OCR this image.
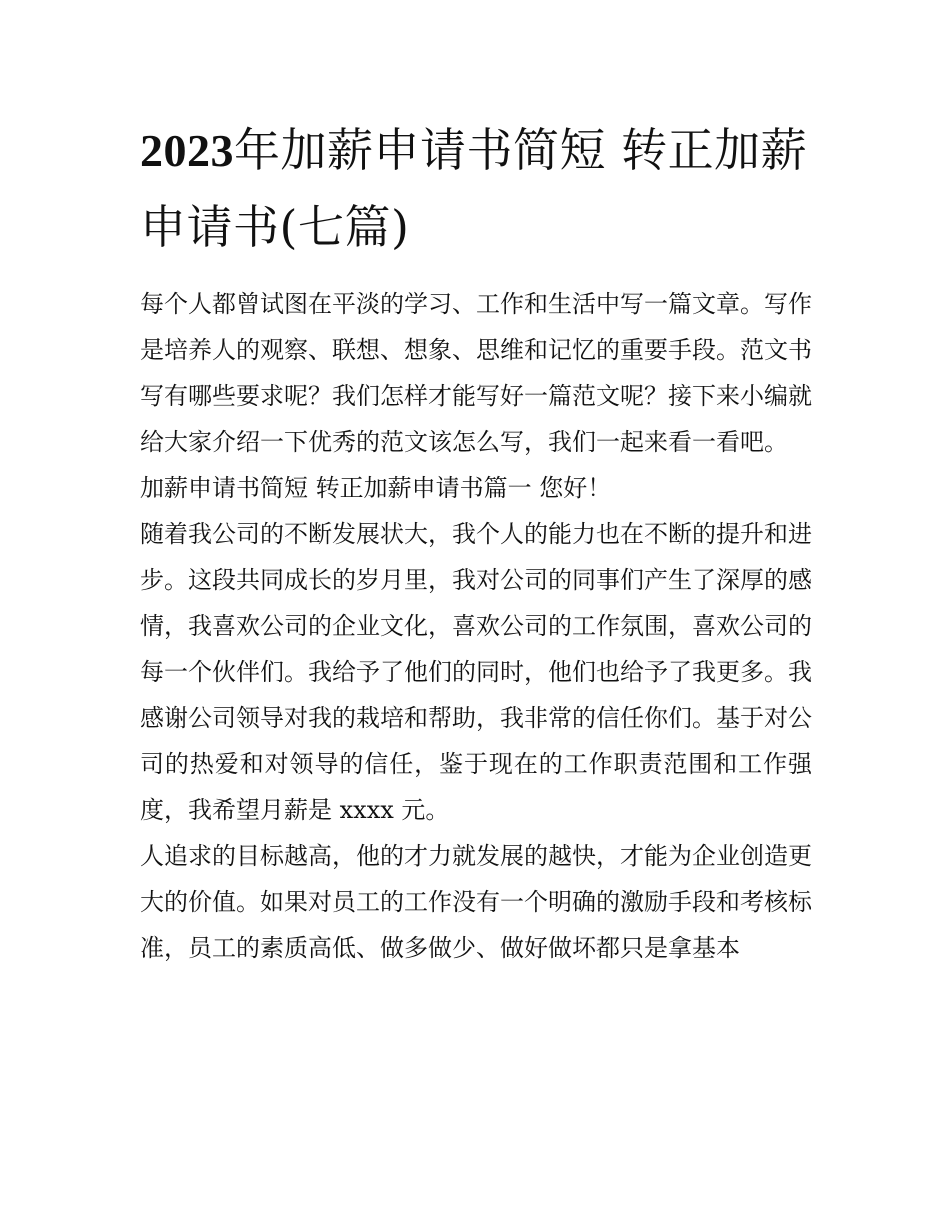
2023年加薪申请书简短 转正加薪申请书(七篇)

每个人都曾试图在平淡的学习、工作和生活中写一篇文章。写作是培养人的观察、联想、想象、思维和记忆的重要手段。范文书写有哪些要求呢？我们怎样才能写好一篇范文呢？接下来小编就给大家介绍一下优秀的范文该怎么写，我们一起来看一看吧。

加薪申请书简短 转正加薪申请书篇一 您好！

随着我公司的不断发展状大，我个人的能力也在不断的提升和进步。这段共同成长的岁月里，我对公司的同事们产生了深厚的感情，我喜欢公司的企业文化，喜欢公司的工作氛围，喜欢公司的每一个伙伴们。我给予了他们的同时，他们也给予了我更多。我感谢公司领导对我的栽培和帮助，我非常的信任你们。基于对公司的热爱和对领导的信任，鉴于现在的工作职责范围和工作强度，我希望月薪是 xxxx 元。

人追求的目标越高，他的才力就发展的越快，才能为企业创造更大的价值。如果对员工的工作没有一个明确的激励手段和考核标准，员工的素质高低、做多做少、做好做坏都只是拿基本
